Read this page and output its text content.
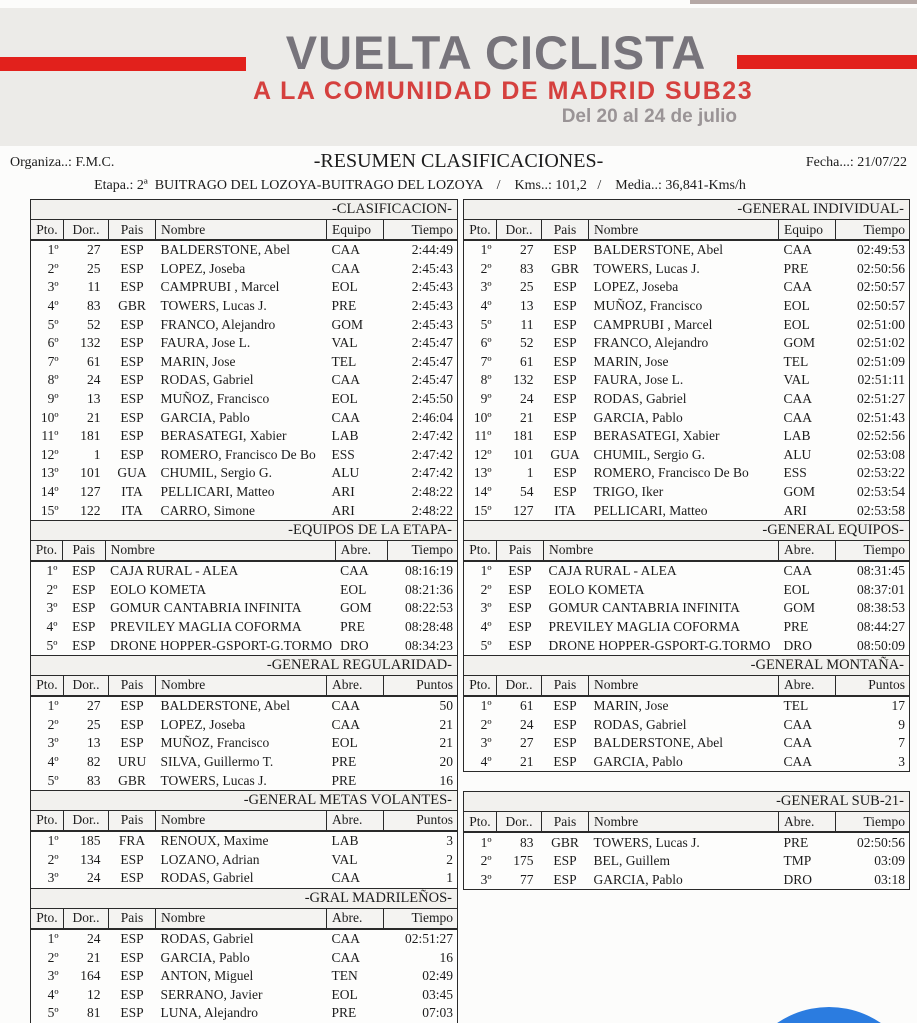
VUELTA CICLISTA
A LA COMUNIDAD DE MADRID SUB23
Del 20 al 24 de julio
Organiza..: F.M.C.	-RESUMEN CLASIFICACIONES-	Fecha...: 21/07/22
Etapa.: 2ª  BUITRAGO DEL LOZOYA-BUITRAGO DEL LOZOYA    /    Kms..: 101,2   /    Media..: 36,841-Kms/h
-CLASIFICACION-					
Pto.	Dor..	Pais	Nombre	Equipo	Tiempo
1º	27	ESP	BALDERSTONE, Abel	CAA	2:44:49
2º	25	ESP	LOPEZ, Joseba	CAA	2:45:43
3º	11	ESP	CAMPRUBI , Marcel	EOL	2:45:43
4º	83	GBR	TOWERS, Lucas J.	PRE	2:45:43
5º	52	ESP	FRANCO, Alejandro	GOM	2:45:43
6º	132	ESP	FAURA, Jose L.	VAL	2:45:47
7º	61	ESP	MARIN, Jose	TEL	2:45:47
8º	24	ESP	RODAS, Gabriel	CAA	2:45:47
9º	13	ESP	MUÑOZ, Francisco	EOL	2:45:50
10º	21	ESP	GARCIA, Pablo	CAA	2:46:04
11º	181	ESP	BERASATEGI, Xabier	LAB	2:47:42
12º	1	ESP	ROMERO, Francisco De Bo	ESS	2:47:42
13º	101	GUA	CHUMIL, Sergio G.	ALU	2:47:42
14º	127	ITA	PELLICARI, Matteo	ARI	2:48:22
15º	122	ITA	CARRO, Simone	ARI	2:48:22
-EQUIPOS DE LA ETAPA-				
Pto.	Pais	Nombre	Abre.	Tiempo
1º	ESP	CAJA RURAL - ALEA	CAA	08:16:19
2º	ESP	EOLO KOMETA	EOL	08:21:36
3º	ESP	GOMUR CANTABRIA INFINITA	GOM	08:22:53
4º	ESP	PREVILEY MAGLIA COFORMA	PRE	08:28:48
5º	ESP	DRONE HOPPER-GSPORT-G.TORMO	DRO	08:34:23
-GENERAL REGULARIDAD-					
Pto.	Dor..	Pais	Nombre	Abre.	Puntos
1º	27	ESP	BALDERSTONE, Abel	CAA	50
2º	25	ESP	LOPEZ, Joseba	CAA	21
3º	13	ESP	MUÑOZ, Francisco	EOL	21
4º	82	URU	SILVA, Guillermo T.	PRE	20
5º	83	GBR	TOWERS, Lucas J.	PRE	16
-GENERAL METAS VOLANTES-					
Pto.	Dor..	Pais	Nombre	Abre.	Puntos
1º	185	FRA	RENOUX, Maxime	LAB	3
2º	134	ESP	LOZANO, Adrian	VAL	2
3º	24	ESP	RODAS, Gabriel	CAA	1
-GRAL MADRILEÑOS-					
Pto.	Dor..	Pais	Nombre	Abre.	Tiempo
1º	24	ESP	RODAS, Gabriel	CAA	02:51:27
2º	21	ESP	GARCIA, Pablo	CAA	16
3º	164	ESP	ANTON, Miguel	TEN	02:49
4º	12	ESP	SERRANO, Javier	EOL	03:45
5º	81	ESP	LUNA, Alejandro	PRE	07:03
-GENERAL INDIVIDUAL-					
Pto.	Dor..	Pais	Nombre	Equipo	Tiempo
1º	27	ESP	BALDERSTONE, Abel	CAA	02:49:53
2º	83	GBR	TOWERS, Lucas J.	PRE	02:50:56
3º	25	ESP	LOPEZ, Joseba	CAA	02:50:57
4º	13	ESP	MUÑOZ, Francisco	EOL	02:50:57
5º	11	ESP	CAMPRUBI , Marcel	EOL	02:51:00
6º	52	ESP	FRANCO, Alejandro	GOM	02:51:02
7º	61	ESP	MARIN, Jose	TEL	02:51:09
8º	132	ESP	FAURA, Jose L.	VAL	02:51:11
9º	24	ESP	RODAS, Gabriel	CAA	02:51:27
10º	21	ESP	GARCIA, Pablo	CAA	02:51:43
11º	181	ESP	BERASATEGI, Xabier	LAB	02:52:56
12º	101	GUA	CHUMIL, Sergio G.	ALU	02:53:08
13º	1	ESP	ROMERO, Francisco De Bo	ESS	02:53:22
14º	54	ESP	TRIGO, Iker	GOM	02:53:54
15º	127	ITA	PELLICARI, Matteo	ARI	02:53:58
-GENERAL EQUIPOS-				
Pto.	Pais	Nombre	Abre.	Tiempo
1º	ESP	CAJA RURAL - ALEA	CAA	08:31:45
2º	ESP	EOLO KOMETA	EOL	08:37:01
3º	ESP	GOMUR CANTABRIA INFINITA	GOM	08:38:53
4º	ESP	PREVILEY MAGLIA COFORMA	PRE	08:44:27
5º	ESP	DRONE HOPPER-GSPORT-G.TORMO	DRO	08:50:09
-GENERAL MONTAÑA-					
Pto.	Dor..	Pais	Nombre	Abre.	Puntos
1º	61	ESP	MARIN, Jose	TEL	17
2º	24	ESP	RODAS, Gabriel	CAA	9
3º	27	ESP	BALDERSTONE, Abel	CAA	7
4º	21	ESP	GARCIA, Pablo	CAA	3
-GENERAL SUB-21-					
Pto.	Dor..	Pais	Nombre	Abre.	Tiempo
1º	83	GBR	TOWERS, Lucas J.	PRE	02:50:56
2º	175	ESP	BEL, Guillem	TMP	03:09
3º	77	ESP	GARCIA, Pablo	DRO	03:18
